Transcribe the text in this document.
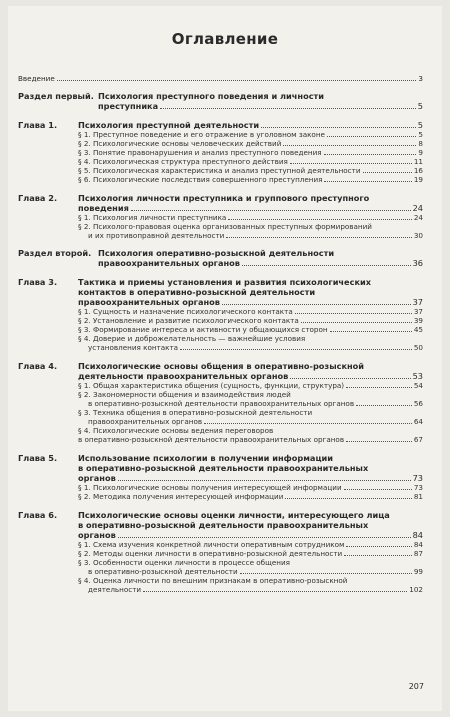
Оглавление
Введение	3
Раздел первый. Психология преступного поведения и личности
преступника	5
Глава 1.	Психология преступной деятельности	5
§ 1. Преступное поведение и его отражение в уголовном законе	5
§ 2. Психологические основы человеческих действий	8
§ 3. Понятие правонарушения и анализ преступного поведения	9
§ 4. Психологическая структура преступного действия	11
§ 5. Психологическая характеристика и анализ преступной деятельности	16
§ 6. Психологические последствия совершенного преступления	19
Глава 2.	Психология личности преступника и группового преступного
поведения	24
§ 1. Психология личности преступника	24
§ 2. Психолого-правовая оценка организованных преступных формирований
и их противоправной деятельности	30
Раздел второй. Психология оперативно-розыскной деятельности
правоохранительных органов	36
Глава 3.	Тактика и приемы установления и развития психологических
контактов в оперативно-розыскной деятельности
правоохранительных органов	37
§ 1. Сущность и назначение психологического контакта	37
§ 2. Установление и развитие психологического контакта	39
§ 3. Формирование интереса и активности у общающихся сторон	45
§ 4. Доверие и доброжелательность — важнейшие условия
установления контакта	50
Глава 4.	Психологические основы общения в оперативно-розыскной
деятельности правоохранительных органов	53
§ 1. Общая характеристика общения (сущность, функции, структура)	54
§ 2. Закономерности общения и взаимодействия людей
в оперативно-розыскной деятельности правоохранительных органов	56
§ 3. Техника общения в оперативно-розыскной деятельности
правоохранительных органов	64
§ 4. Психологические основы ведения переговоров
в оперативно-розыскной деятельности правоохранительных органов	67
Глава 5.	Использование психологии в получении информации
в оперативно-розыскной деятельности правоохранительных
органов	73
§ 1. Психологические основы получения интересующей информации	73
§ 2. Методика получения интересующей информации	81
Глава 6.	Психологические основы оценки личности, интересующего лица
в оперативно-розыскной деятельности правоохранительных
органов	84
§ 1. Схема изучения конкретной личности оперативным сотрудником	84
§ 2. Методы оценки личности в оперативно-розыскной деятельности	87
§ 3. Особенности оценки личности в процессе общения
в оперативно-розыскной деятельности	99
§ 4. Оценка личности по внешним признакам в оперативно-розыскной
деятельности	102
207
